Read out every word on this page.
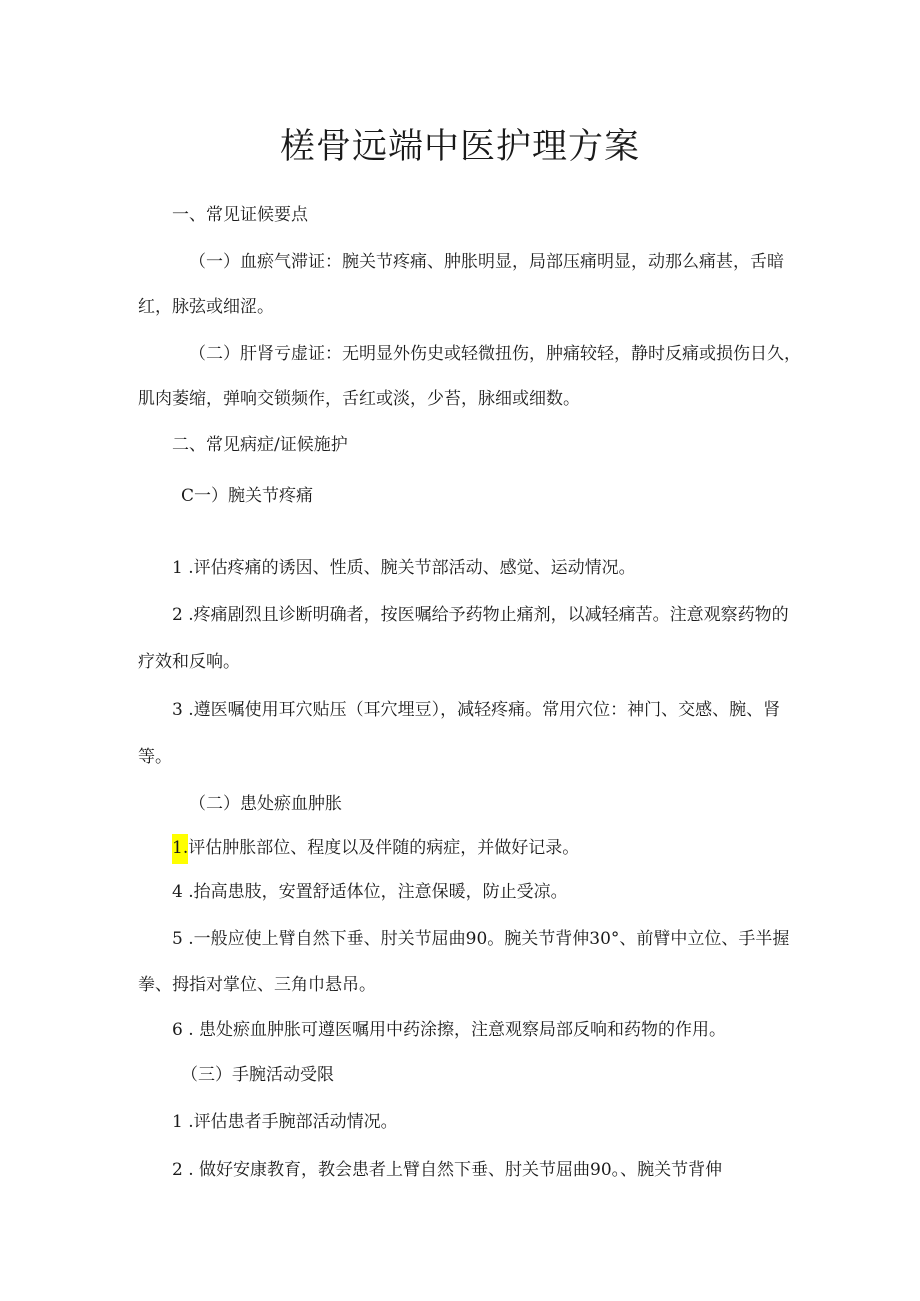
槎骨远端中医护理方案
一、常见证候要点
（一）血瘀气滞证：腕关节疼痛、肿胀明显，局部压痛明显，动那么痛甚，舌暗
红，脉弦或细涩。
（二）肝肾亏虚证：无明显外伤史或轻微扭伤，肿痛较轻，静时反痛或损伤日久，
肌肉萎缩，弹响交锁频作，舌红或淡，少苔，脉细或细数。
二、常见病症/证候施护
C一）腕关节疼痛
1 .评估疼痛的诱因、性质、腕关节部活动、感觉、运动情况。
2 .疼痛剧烈且诊断明确者，按医嘱给予药物止痛剂，以减轻痛苦。注意观察药物的
疗效和反响。
3 .遵医嘱使用耳穴贴压（耳穴埋豆），减轻疼痛。常用穴位：神门、交感、腕、肾
等。
（二）患处瘀血肿胀
1.评估肿胀部位、程度以及伴随的病症，并做好记录。
4 .抬高患肢，安置舒适体位，注意保暖，防止受凉。
5 .一般应使上臂自然下垂、肘关节屈曲90。腕关节背伸30°、前臂中立位、手半握
拳、拇指对掌位、三角巾悬吊。
6 . 患处瘀血肿胀可遵医嘱用中药涂擦，注意观察局部反响和药物的作用。
（三）手腕活动受限
1 .评估患者手腕部活动情况。
2 . 做好安康教育，教会患者上臂自然下垂、肘关节屈曲90。、腕关节背伸
